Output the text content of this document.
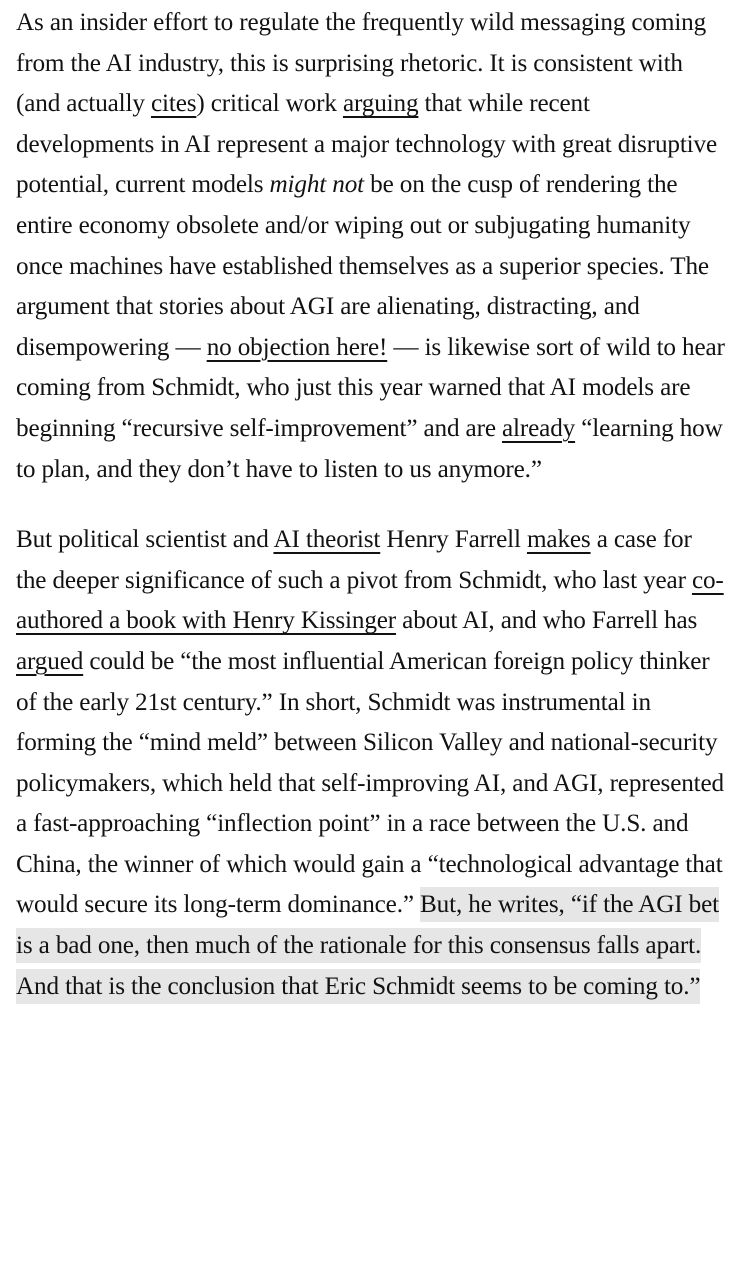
As an insider effort to regulate the frequently wild messaging coming from the AI industry, this is surprising rhetoric. It is consistent with (and actually cites) critical work arguing that while recent developments in AI represent a major technology with great disruptive potential, current models might not be on the cusp of rendering the entire economy obsolete and/or wiping out or subjugating humanity once machines have established themselves as a superior species. The argument that stories about AGI are alienating, distracting, and disempowering — no objection here! — is likewise sort of wild to hear coming from Schmidt, who just this year warned that AI models are beginning “recursive self-improvement” and are already “learning how to plan, and they don’t have to listen to us anymore.”

But political scientist and AI theorist Henry Farrell makes a case for the deeper significance of such a pivot from Schmidt, who last year co-authored a book with Henry Kissinger about AI, and who Farrell has argued could be “the most influential American foreign policy thinker of the early 21st century.” In short, Schmidt was instrumental in forming the “mind meld” between Silicon Valley and national-security policymakers, which held that self-improving AI, and AGI, represented a fast-approaching “inflection point” in a race between the U.S. and China, the winner of which would gain a “technological advantage that would secure its long-term dominance.” But, he writes, “if the AGI bet is a bad one, then much of the rationale for this consensus falls apart. And that is the conclusion that Eric Schmidt seems to be coming to.”
